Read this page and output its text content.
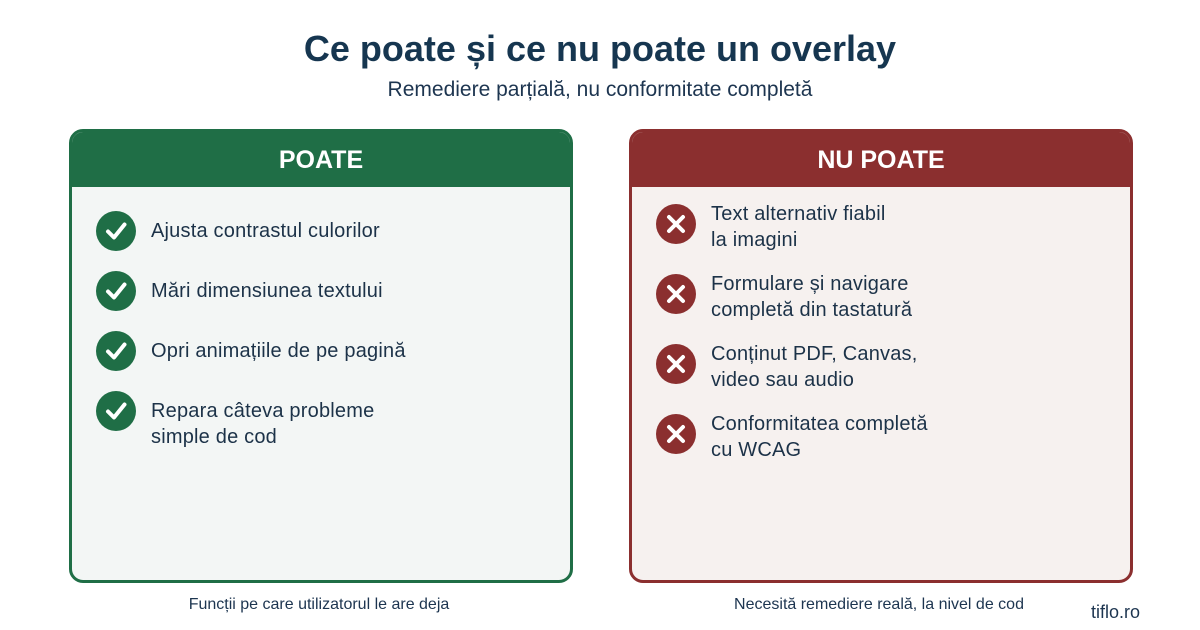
Ce poate și ce nu poate un overlay
Remediere parțială, nu conformitate completă
POATE
Ajusta contrastul culorilor
Mări dimensiunea textului
Opri animațiile de pe pagină
Repara câteva probleme
simple de cod
NU POATE
Text alternativ fiabil
la imagini
Formulare și navigare
completă din tastatură
Conținut PDF, Canvas,
video sau audio
Conformitatea completă
cu WCAG
Funcții pe care utilizatorul le are deja	Necesită remediere reală, la nivel de cod	tiflo.ro
